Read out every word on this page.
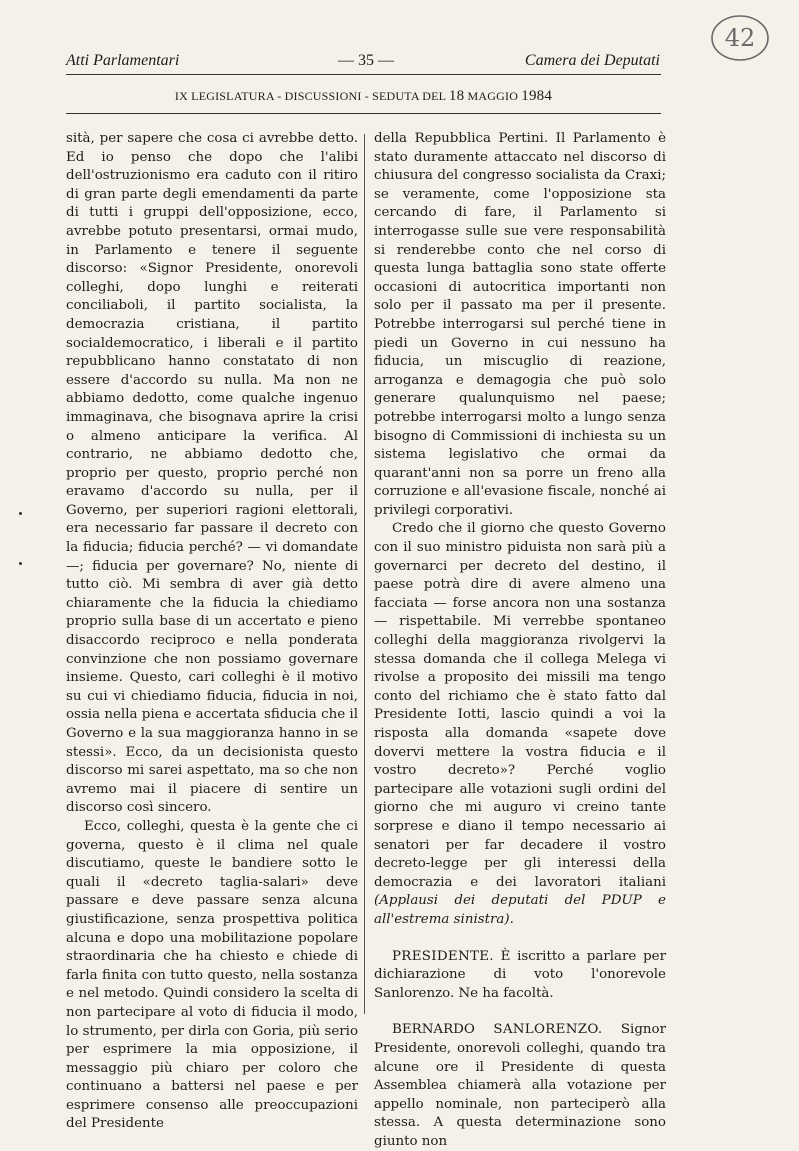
42
Atti Parlamentari	— 35 —	Camera dei Deputati
IX LEGISLATURA - DISCUSSIONI - SEDUTA DEL 18 MAGGIO 1984

sità, per sapere che cosa ci avrebbe detto. Ed io penso che dopo che l'alibi dell'ostruzionismo era caduto con il ritiro di gran parte degli emendamenti da parte di tutti i gruppi dell'opposizione, ecco, avrebbe potuto presentarsi, ormai mudo, in Parlamento e tenere il seguente discorso: «Signor Presidente, onorevoli colleghi, dopo lunghi e reiterati conciliaboli, il partito socialista, la democrazia cristiana, il partito socialdemocratico, i liberali e il partito repubblicano hanno constatato di non essere d'accordo su nulla. Ma non ne abbiamo dedotto, come qualche ingenuo immaginava, che bisognava aprire la crisi o almeno anticipare la verifica. Al contrario, ne abbiamo dedotto che, proprio per questo, proprio perché non eravamo d'accordo su nulla, per il Governo, per superiori ragioni elettorali, era necessario far passare il decreto con la fiducia; fiducia perché? — vi domandate —; fiducia per governare? No, niente di tutto ciò. Mi sembra di aver già detto chiaramente che la fiducia la chiediamo proprio sulla base di un accertato e pieno disaccordo reciproco e nella ponderata convinzione che non possiamo governare insieme. Questo, cari colleghi è il motivo su cui vi chiediamo fiducia, fiducia in noi, ossia nella piena e accertata sfiducia che il Governo e la sua maggioranza hanno in se stessi». Ecco, da un decisionista questo discorso mi sarei aspettato, ma so che non avremo mai il piacere di sentire un discorso così sincero.

Ecco, colleghi, questa è la gente che ci governa, questo è il clima nel quale discutiamo, queste le bandiere sotto le quali il «decreto taglia-salari» deve passare e deve passare senza alcuna giustificazione, senza prospettiva politica alcuna e dopo una mobilitazione popolare straordinaria che ha chiesto e chiede di farla finita con tutto questo, nella sostanza e nel metodo. Quindi considero la scelta di non partecipare al voto di fiducia il modo, lo strumento, per dirla con Goria, più serio per esprimere la mia opposizione, il messaggio più chiaro per coloro che continuano a battersi nel paese e per esprimere consenso alle preoccupazioni del Presidente

della Repubblica Pertini. Il Parlamento è stato duramente attaccato nel discorso di chiusura del congresso socialista da Craxi; se veramente, come l'opposizione sta cercando di fare, il Parlamento si interrogasse sulle sue vere responsabilità si renderebbe conto che nel corso di questa lunga battaglia sono state offerte occasioni di autocritica importanti non solo per il passato ma per il presente. Potrebbe interrogarsi sul perché tiene in piedi un Governo in cui nessuno ha fiducia, un miscuglio di reazione, arroganza e demagogia che può solo generare qualunquismo nel paese; potrebbe interrogarsi molto a lungo senza bisogno di Commissioni di inchiesta su un sistema legislativo che ormai da quarant'anni non sa porre un freno alla corruzione e all'evasione fiscale, nonché ai privilegi corporativi.

Credo che il giorno che questo Governo con il suo ministro piduista non sarà più a governarci per decreto del destino, il paese potrà dire di avere almeno una facciata — forse ancora non una sostanza — rispettabile. Mi verrebbe spontaneo colleghi della maggioranza rivolgervi la stessa domanda che il collega Melega vi rivolse a proposito dei missili ma tengo conto del richiamo che è stato fatto dal Presidente Iotti, lascio quindi a voi la risposta alla domanda «sapete dove dovervi mettere la vostra fiducia e il vostro decreto»? Perché voglio partecipare alle votazioni sugli ordini del giorno che mi auguro vi creino tante sorprese e diano il tempo necessario ai senatori per far decadere il vostro decreto-legge per gli interessi della democrazia e dei lavoratori italiani (Applausi dei deputati del PDUP e all'estrema sinistra).

PRESIDENTE. È iscritto a parlare per dichiarazione di voto l'onorevole Sanlorenzo. Ne ha facoltà.

BERNARDO SANLORENZO. Signor Presidente, onorevoli colleghi, quando tra alcune ore il Presidente di questa Assemblea chiamerà alla votazione per appello nominale, non parteciperò alla stessa. A questa determinazione sono giunto non
